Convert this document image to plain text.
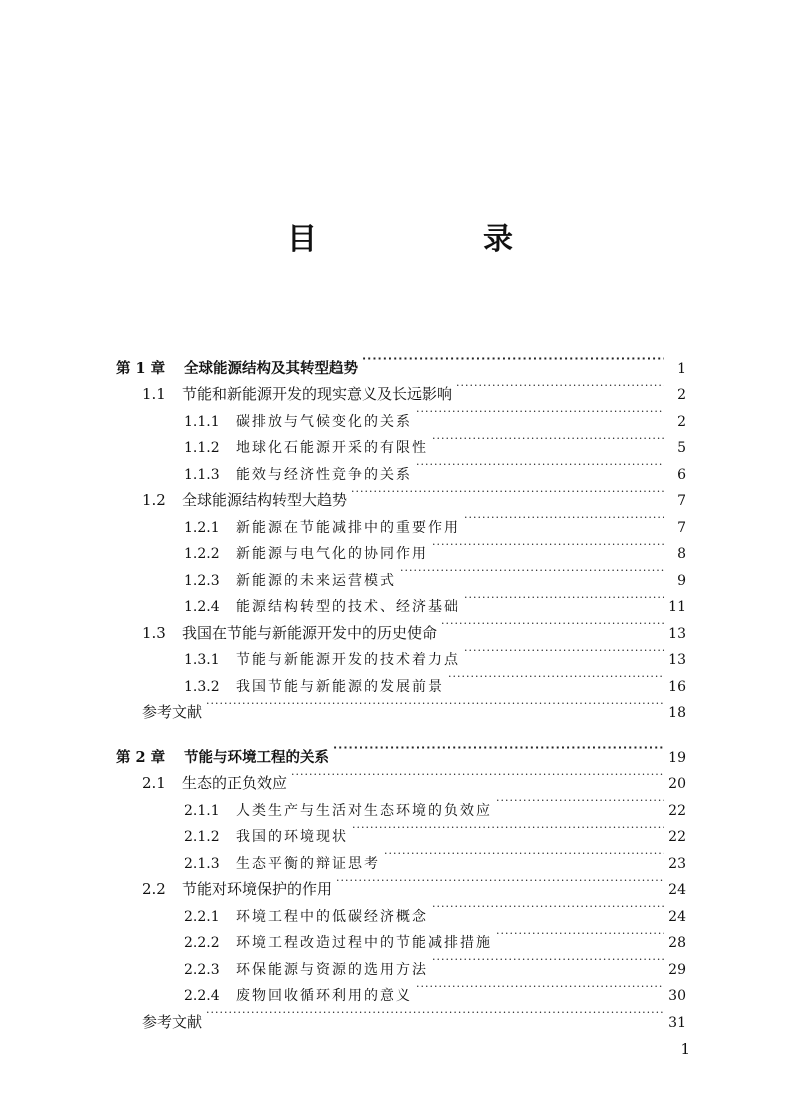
目　录
第 1 章	全球能源结构及其转型趋势 ·····	1
1.1	节能和新能源开发的现实意义及长远影响 ·····	2
1.1.1	碳排放与气候变化的关系 ·····	2
1.1.2	地球化石能源开采的有限性 ·····	5
1.1.3	能效与经济性竞争的关系 ·····	6
1.2	全球能源结构转型大趋势 ·····	7
1.2.1	新能源在节能减排中的重要作用 ·····	7
1.2.2	新能源与电气化的协同作用 ·····	8
1.2.3	新能源的未来运营模式 ·····	9
1.2.4	能源结构转型的技术、经济基础 ·····	11
1.3	我国在节能与新能源开发中的历史使命 ·····	13
1.3.1	节能与新能源开发的技术着力点 ·····	13
1.3.2	我国节能与新能源的发展前景 ·····	16
参考文献 ·····	18
第 2 章	节能与环境工程的关系 ·····	19
2.1	生态的正负效应 ·····	20
2.1.1	人类生产与生活对生态环境的负效应 ·····	22
2.1.2	我国的环境现状 ·····	22
2.1.3	生态平衡的辩证思考 ·····	23
2.2	节能对环境保护的作用 ·····	24
2.2.1	环境工程中的低碳经济概念 ·····	24
2.2.2	环境工程改造过程中的节能减排措施 ·····	28
2.2.3	环保能源与资源的选用方法 ·····	29
2.2.4	废物回收循环利用的意义 ·····	30
参考文献 ·····	31
1
